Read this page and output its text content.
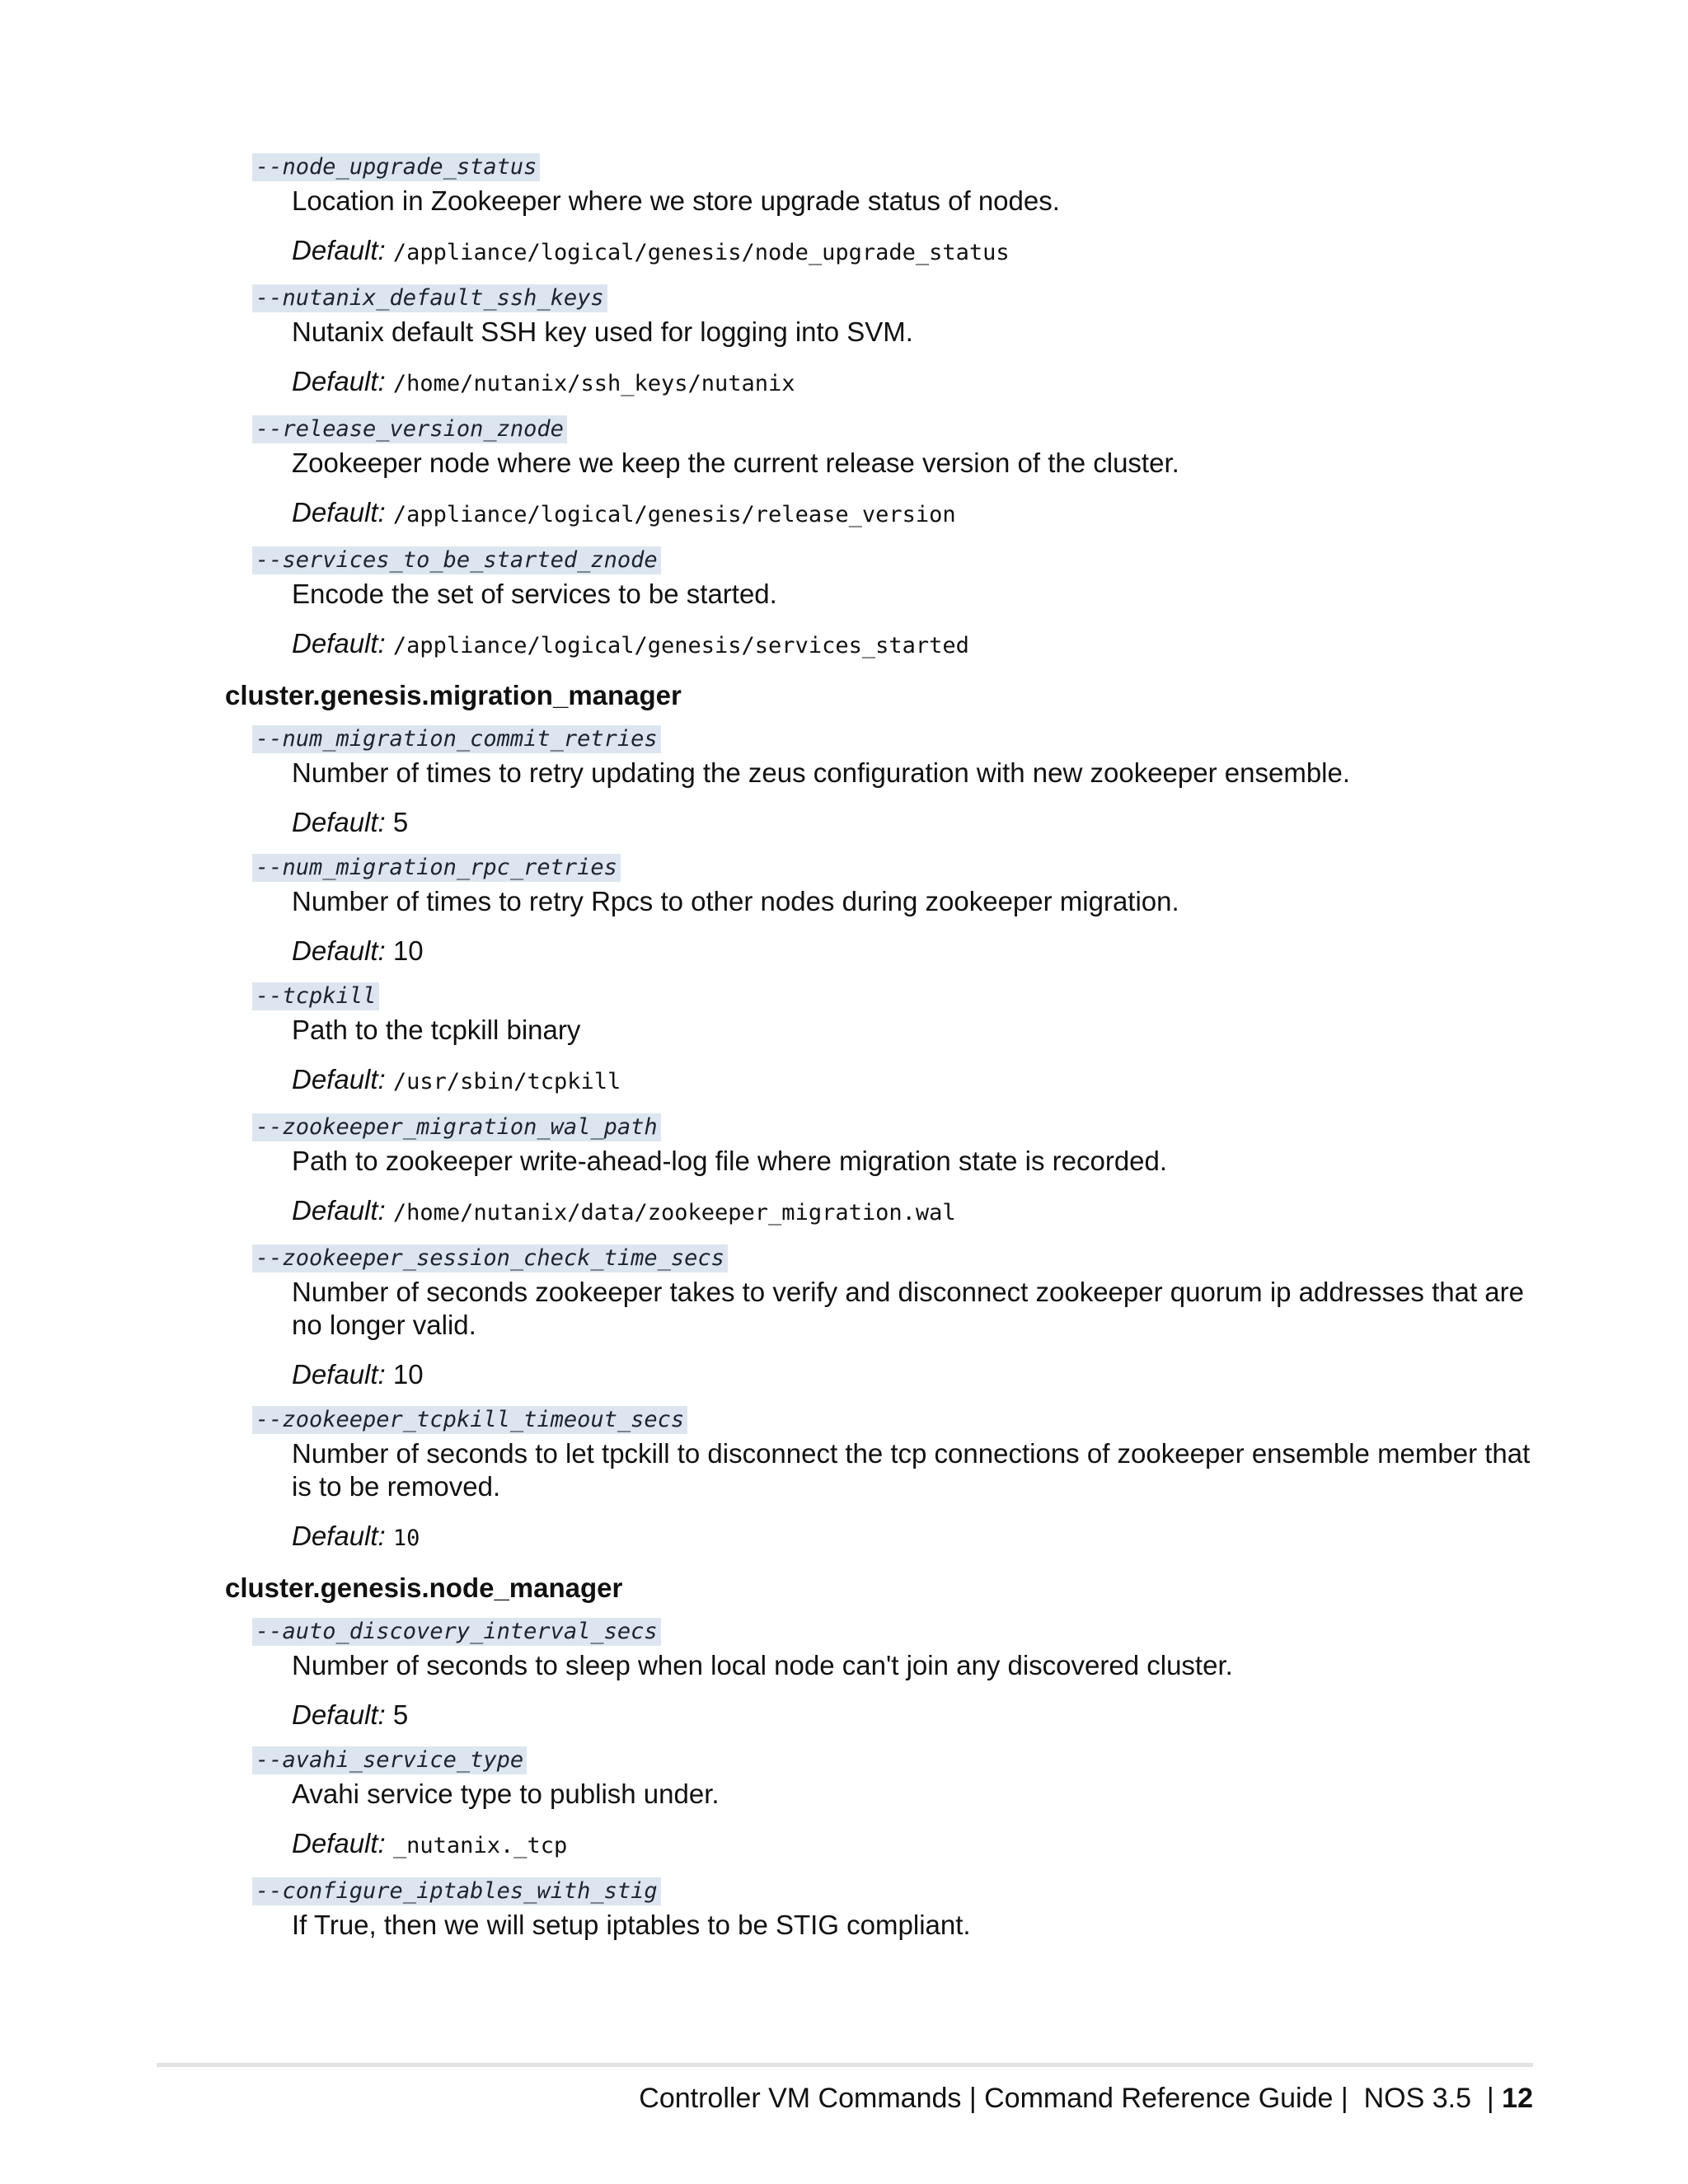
--node_upgrade_status
Location in Zookeeper where we store upgrade status of nodes.
Default: /appliance/logical/genesis/node_upgrade_status
--nutanix_default_ssh_keys
Nutanix default SSH key used for logging into SVM.
Default: /home/nutanix/ssh_keys/nutanix
--release_version_znode
Zookeeper node where we keep the current release version of the cluster.
Default: /appliance/logical/genesis/release_version
--services_to_be_started_znode
Encode the set of services to be started.
Default: /appliance/logical/genesis/services_started
cluster.genesis.migration_manager
--num_migration_commit_retries
Number of times to retry updating the zeus configuration with new zookeeper ensemble.
Default: 5
--num_migration_rpc_retries
Number of times to retry Rpcs to other nodes during zookeeper migration.
Default: 10
--tcpkill
Path to the tcpkill binary
Default: /usr/sbin/tcpkill
--zookeeper_migration_wal_path
Path to zookeeper write-ahead-log file where migration state is recorded.
Default: /home/nutanix/data/zookeeper_migration.wal
--zookeeper_session_check_time_secs
Number of seconds zookeeper takes to verify and disconnect zookeeper quorum ip addresses that are no longer valid.
Default: 10
--zookeeper_tcpkill_timeout_secs
Number of seconds to let tpckill to disconnect the tcp connections of zookeeper ensemble member that is to be removed.
Default: 10
cluster.genesis.node_manager
--auto_discovery_interval_secs
Number of seconds to sleep when local node can't join any discovered cluster.
Default: 5
--avahi_service_type
Avahi service type to publish under.
Default: _nutanix._tcp
--configure_iptables_with_stig
If True, then we will setup iptables to be STIG compliant.
Controller VM Commands | Command Reference Guide |  NOS 3.5  | 12
